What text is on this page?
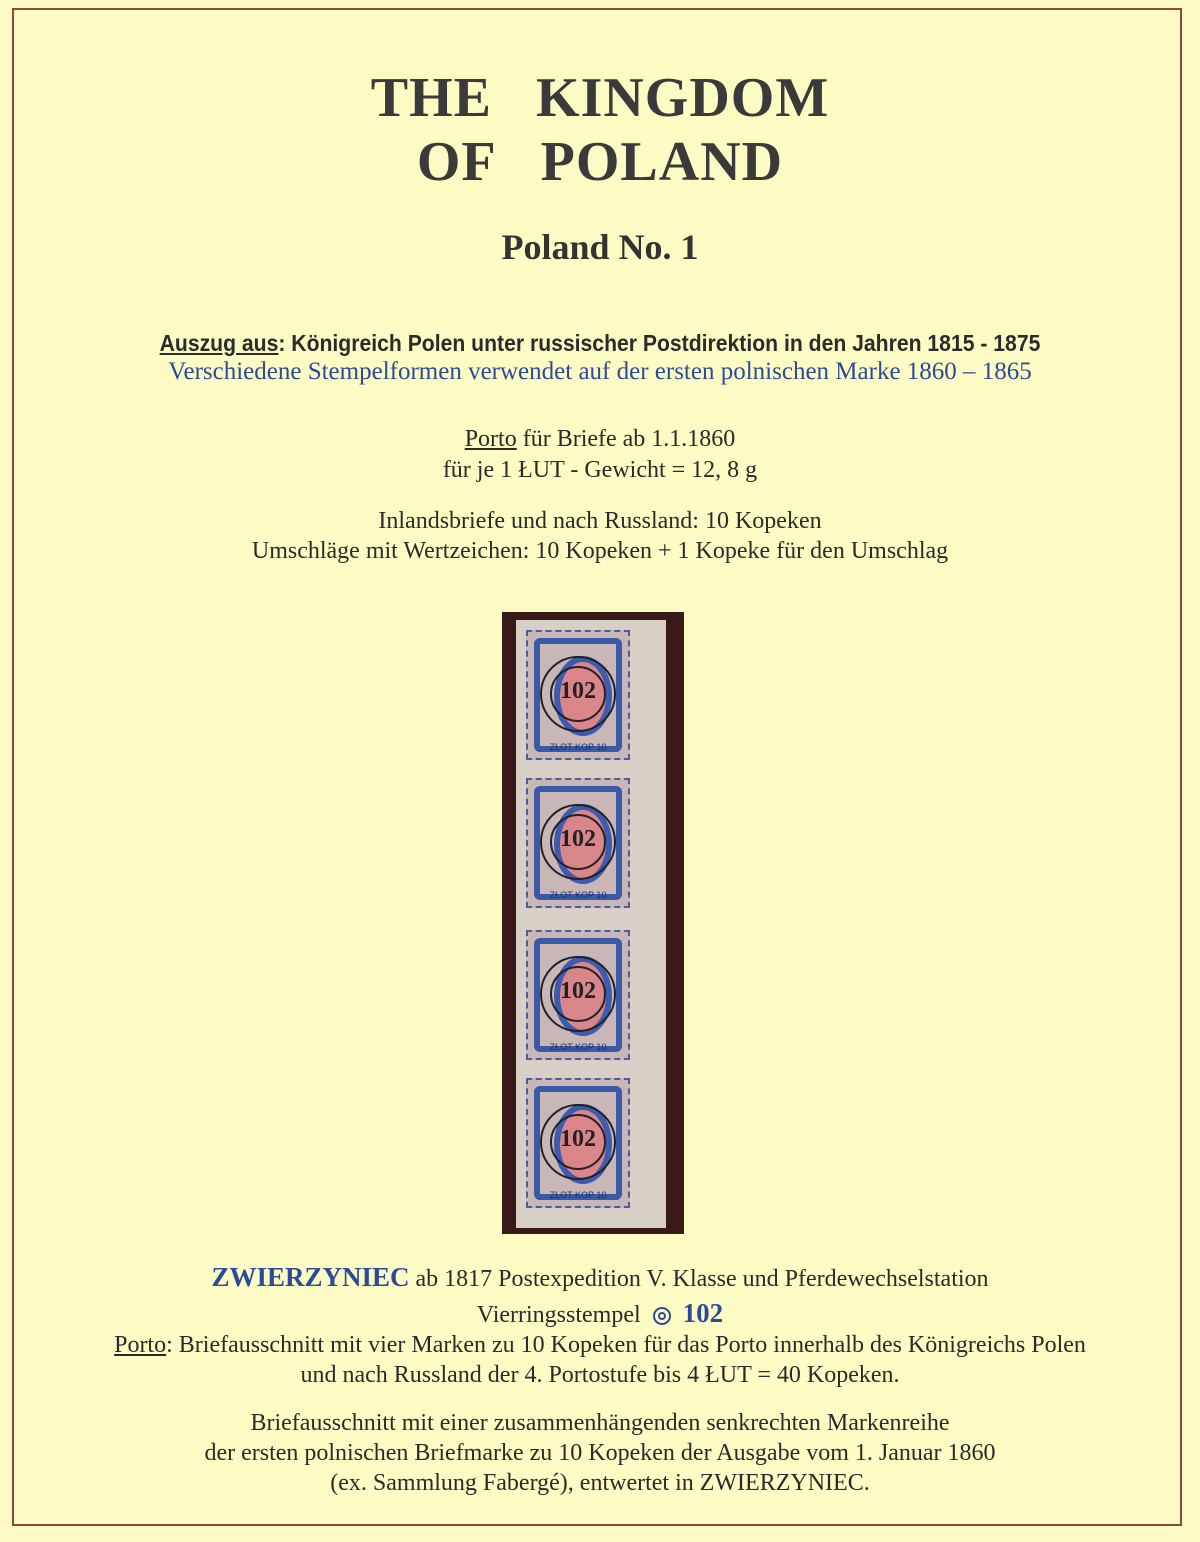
THE KINGDOM
OF POLAND
Poland No. 1
Auszug aus: Königreich Polen unter russischer Postdirektion in den Jahren 1815 - 1875
Verschiedene Stempelformen verwendet auf der ersten polnischen Marke 1860 – 1865
Porto für Briefe ab 1.1.1860
für je 1 ŁUT - Gewicht = 12, 8 g
Inlandsbriefe und nach Russland: 10 Kopeken
Umschläge mit Wertzeichen: 10 Kopeken + 1 Kopeke für den Umschlag
102
ZŁOT KOP 10
102
ZŁOT KOP 10
102
ZŁOT KOP 10
102
ZŁOT KOP 10
ZWIERZYNIEC ab 1817 Postexpedition V. Klasse und Pferdewechselstation
Vierringsstempel 102
Porto: Briefausschnitt mit vier Marken zu 10 Kopeken für das Porto innerhalb des Königreichs Polen
und nach Russland der 4. Portostufe bis 4 ŁUT = 40 Kopeken.
Briefausschnitt mit einer zusammenhängenden senkrechten Markenreihe
der ersten polnischen Briefmarke zu 10 Kopeken der Ausgabe vom 1. Januar 1860
(ex. Sammlung Fabergé), entwertet in ZWIERZYNIEC.
